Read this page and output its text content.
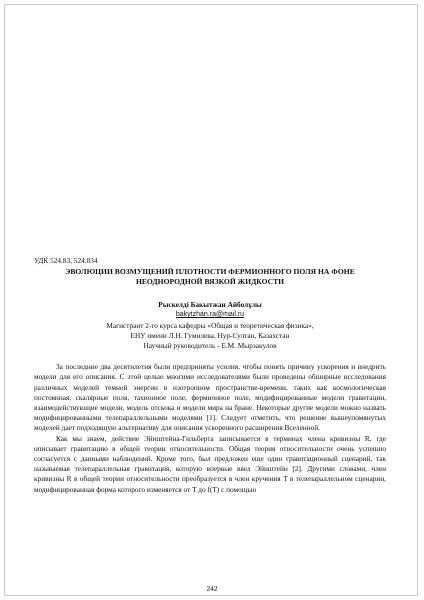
УДК 524.83, 524.834

ЭВОЛЮЦИИ ВОЗМУЩЕНИЙ ПЛОТНОСТИ ФЕРМИОННОГО ПОЛЯ НА ФОНЕ НЕОДНОРОДНОЙ ВЯЗКОЙ ЖИДКОСТИ

Рыскелді Бакытжан Айболұлы

bakytzhan.ra@mail.ru

Магистрант 2-го курса кафедры «Общая и теоретическая физика»,

ЕНУ имени Л.Н. Гумилева, Нур-Султан, Казахстан

Научный руководитель - Е.М. Мырзакулов

За последние два десятилетия были предприняты усилия, чтобы понять причину ускорения и внедрить модели для его описания. С этой целью многими исследователями были проведены обширные исследования различных моделей темной энергии в изотропном пространстве-времени, таких как космологическая постоянная, скалярные поля, тахионное поле, фермионное поле, модифицированные модели гравитации, взаимодействующие модели, модель отскока и модели мира на бране. Некоторые другие модели можно назвать модифицированными телепараллельными моделями [1]. Следует отметить, что решение вышеупомянутых моделей дает подходящую альтернативу для описания ускоренного расширения Вселенной.

Как мы знаем, действие Эйнштейна-Гильберта записывается в терминах члена кривизны R, где описывает гравитацию в общей теории относительности. Общая теория относительности очень успешно согласуется с данными наблюдений. Кроме того, был предложен еще один гравитационный сценарий, так называемая телепараллельная гравитация, которую впервые ввел Эйнштейн [2]. Другими словами, член кривизны R в общей теории относительности преобразуется в член кручения T в телепараллельном сценарии, модифицированная форма которого изменяется от T до f(T) с помощью

242
